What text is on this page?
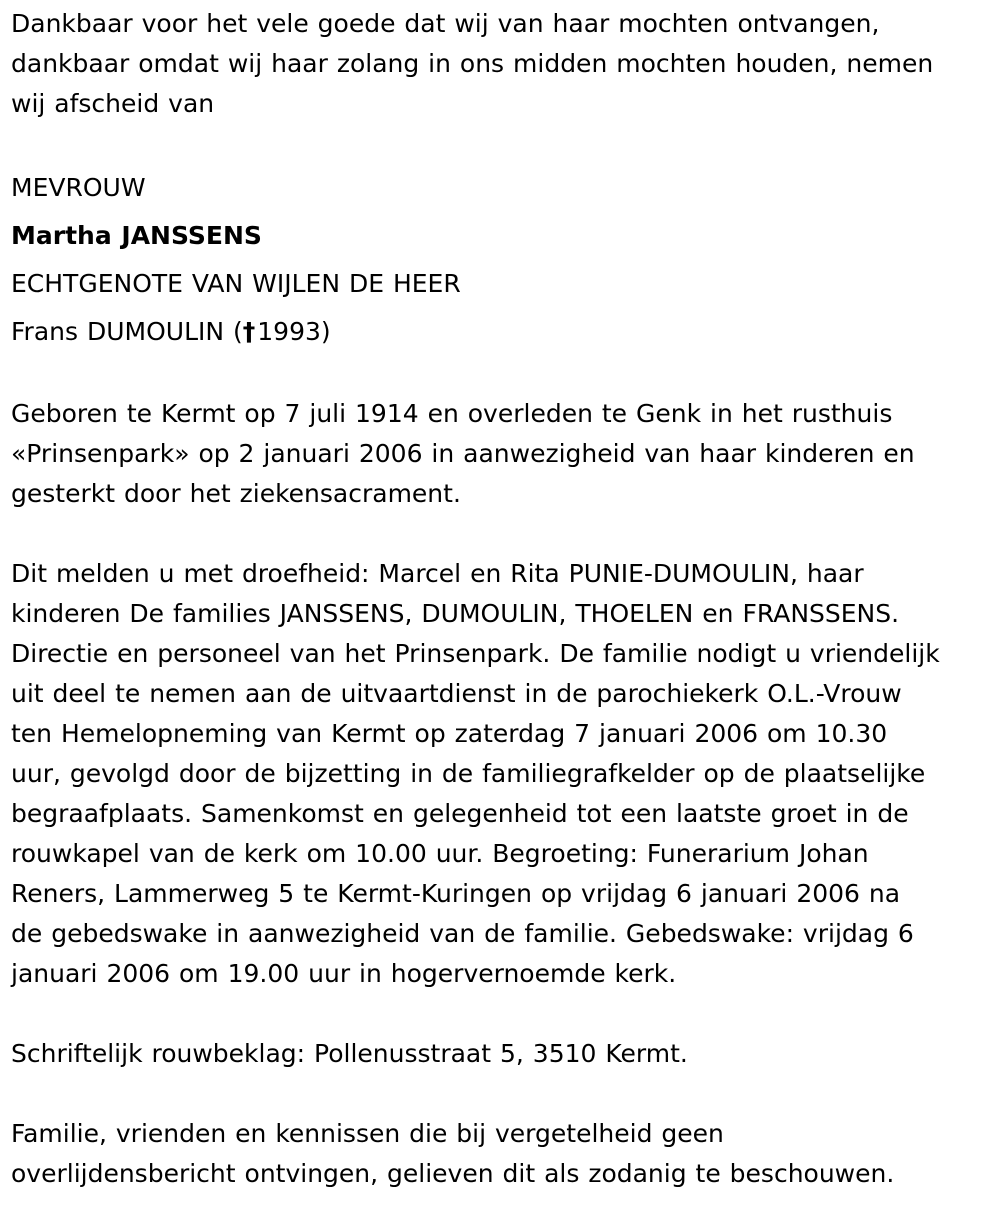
Dankbaar voor het vele goede dat wij van haar mochten ontvangen,

dankbaar omdat wij haar zolang in ons midden mochten houden, nemen

wij afscheid van

MEVROUW

Martha JANSSENS

ECHTGENOTE VAN WIJLEN DE HEER

Frans DUMOULIN (†1993)

Geboren te Kermt op 7 juli 1914 en overleden te Genk in het rusthuis

«Prinsenpark» op 2 januari 2006 in aanwezigheid van haar kinderen en

gesterkt door het ziekensacrament.

Dit melden u met droefheid: Marcel en Rita PUNIE-DUMOULIN, haar

kinderen De families JANSSENS, DUMOULIN, THOELEN en FRANSSENS.

Directie en personeel van het Prinsenpark. De familie nodigt u vriendelijk

uit deel te nemen aan de uitvaartdienst in de parochiekerk O.L.-Vrouw

ten Hemelopneming van Kermt op zaterdag 7 januari 2006 om 10.30

uur, gevolgd door de bijzetting in de familiegrafkelder op de plaatselijke

begraafplaats. Samenkomst en gelegenheid tot een laatste groet in de

rouwkapel van de kerk om 10.00 uur. Begroeting: Funerarium Johan

Reners, Lammerweg 5 te Kermt-Kuringen op vrijdag 6 januari 2006 na

de gebedswake in aanwezigheid van de familie. Gebedswake: vrijdag 6

januari 2006 om 19.00 uur in hogervernoemde kerk.

Schriftelijk rouwbeklag: Pollenusstraat 5, 3510 Kermt.

Familie, vrienden en kennissen die bij vergetelheid geen

overlijdensbericht ontvingen, gelieven dit als zodanig te beschouwen.
